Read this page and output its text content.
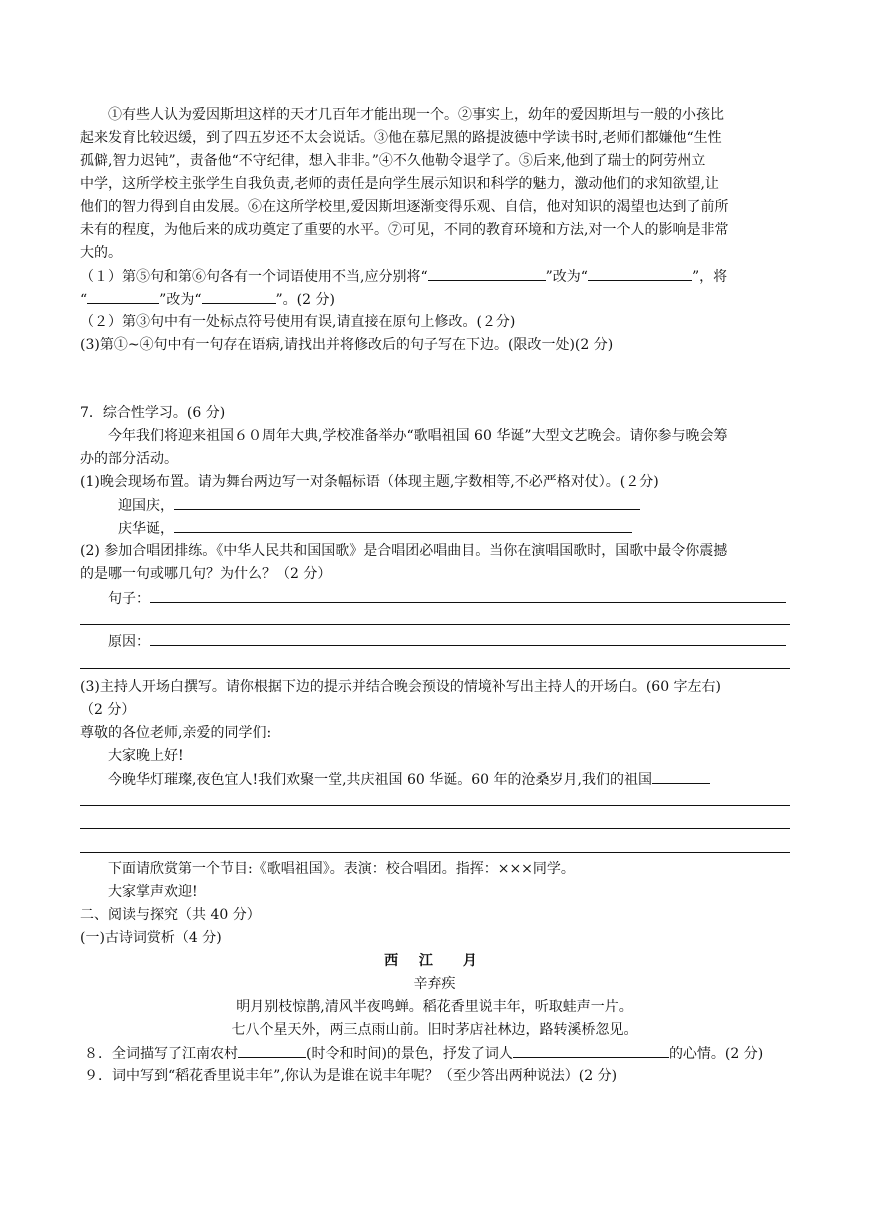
①有些人认为爱因斯坦这样的天才几百年才能出现一个。②事实上，幼年的爱因斯坦与一般的小孩比
起来发育比较迟缓，到了四五岁还不太会说话。③他在慕尼黑的路提波德中学读书时,老师们都嫌他“生性
孤僻,智力迟钝”，责备他“不守纪律，想入非非。”④不久他勒令退学了。⑤后来,他到了瑞士的阿劳州立
中学，这所学校主张学生自我负责,老师的责任是向学生展示知识和科学的魅力，激动他们的求知欲望,让
他们的智力得到自由发展。⑥在这所学校里,爱因斯坦逐渐变得乐观、自信，他对知识的渴望也达到了前所
未有的程度，为他后来的成功奠定了重要的水平。⑦可见，不同的教育环境和方法,对一个人的影响是非常
大的。
（１）第⑤句和第⑥句各有一个词语使用不当,应分别将“	”改为“	”，将
“	”改为“	”。(2 分)
（２）第③句中有一处标点符号使用有误,请直接在原句上修改。(２分)
(3)第①~④句中有一句存在语病,请找出并将修改后的句子写在下边。(限改一处)(2 分)
7．综合性学习。(6 分)
今年我们将迎来祖国６０周年大典,学校准备举办“歌唱祖国 60 华诞”大型文艺晚会。请你参与晚会筹
办的部分活动。
(1)晚会现场布置。请为舞台两边写一对条幅标语（体现主题,字数相等,不必严格对仗）。(２分)
迎国庆，
庆华诞，
(2) 参加合唱团排练。《中华人民共和国国歌》是合唱团必唱曲目。当你在演唱国歌时，国歌中最令你震撼
的是哪一句或哪几句？为什么？（2 分）
句子：
原因：
(3)主持人开场白撰写。请你根据下边的提示并结合晚会预设的情境补写出主持人的开场白。(60 字左右)
（2 分）
尊敬的各位老师,亲爱的同学们:
大家晚上好!
今晚华灯璀璨,夜色宜人!我们欢聚一堂,共庆祖国 60 华诞。60 年的沧桑岁月,我们的祖国
下面请欣赏第一个节目:《歌唱祖国》。表演：校合唱团。指挥：×××同学。
大家掌声欢迎!
二、阅读与探究（共 40 分）
(一)古诗词赏析（4 分)
西 江　月
辛弃疾
明月别枝惊鹊,清风半夜鸣蝉。稻花香里说丰年，听取蛙声一片。
七八个星天外，两三点雨山前。旧时茅店社林边，路转溪桥忽见。
８．全词描写了江南农村	(时令和时间)的景色，抒发了词人	的心情。(2 分)
９．词中写到“稻花香里说丰年”,你认为是谁在说丰年呢？（至少答出两种说法）(2 分)
